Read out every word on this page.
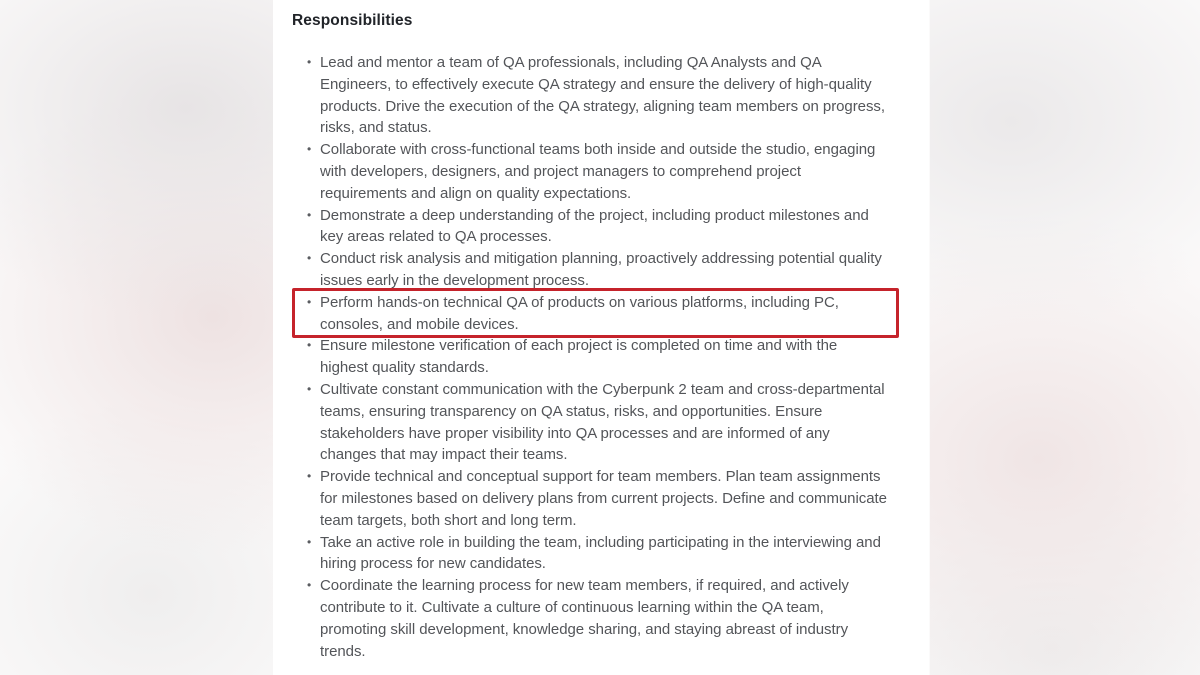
Responsibilities
• Lead and mentor a team of QA professionals, including QA Analysts and QA Engineers, to effectively execute QA strategy and ensure the delivery of high-quality products. Drive the execution of the QA strategy, aligning team members on progress, risks, and status.
• Collaborate with cross-functional teams both inside and outside the studio, engaging with developers, designers, and project managers to comprehend project requirements and align on quality expectations.
• Demonstrate a deep understanding of the project, including product milestones and key areas related to QA processes.
• Conduct risk analysis and mitigation planning, proactively addressing potential quality issues early in the development process.
• Perform hands-on technical QA of products on various platforms, including PC, consoles, and mobile devices.
• Ensure milestone verification of each project is completed on time and with the highest quality standards.
• Cultivate constant communication with the Cyberpunk 2 team and cross-departmental teams, ensuring transparency on QA status, risks, and opportunities. Ensure stakeholders have proper visibility into QA processes and are informed of any changes that may impact their teams.
• Provide technical and conceptual support for team members. Plan team assignments for milestones based on delivery plans from current projects. Define and communicate team targets, both short and long term.
• Take an active role in building the team, including participating in the interviewing and hiring process for new candidates.
• Coordinate the learning process for new team members, if required, and actively contribute to it. Cultivate a culture of continuous learning within the QA team, promoting skill development, knowledge sharing, and staying abreast of industry trends.
